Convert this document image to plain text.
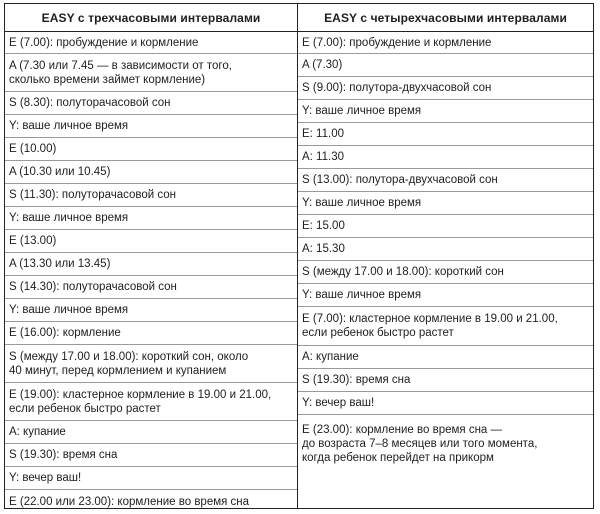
EASY с трехчасовыми интервалами	EASY с четырехчасовыми интервалами
E (7.00): пробуждение и кормление
A (7.30 или 7.45 — в зависимости от того,
сколько времени займет кормление)
S (8.30): полуторачасовой сон
Y: ваше личное время
E (10.00)
A (10.30 или 10.45)
S (11.30): полуторачасовой сон
Y: ваше личное время
E (13.00)
A (13.30 или 13.45)
S (14.30): полуторачасовой сон
Y: ваше личное время
E (16.00): кормление
S (между 17.00 и 18.00): короткий сон, около
40 минут, перед кормлением и купанием
E (19.00): кластерное кормление в 19.00 и 21.00,
если ребенок быстро растет
A: купание
S (19.30): время сна
Y: вечер ваш!
E (22.00 или 23.00): кормление во время сна
E (7.00): пробуждение и кормление
A (7.30)
S (9.00): полутора-двухчасовой сон
Y: ваше личное время
E: 11.00
A: 11.30
S (13.00): полутора-двухчасовой сон
Y: ваше личное время
E: 15.00
A: 15.30
S (между 17.00 и 18.00): короткий сон
Y: ваше личное время
E (7.00): кластерное кормление в 19.00 и 21.00,
если ребенок быстро растет
A: купание
S (19.30): время сна
Y: вечер ваш!
E (23.00): кормление во время сна —
до возраста 7–8 месяцев или того момента,
когда ребенок перейдет на прикорм
